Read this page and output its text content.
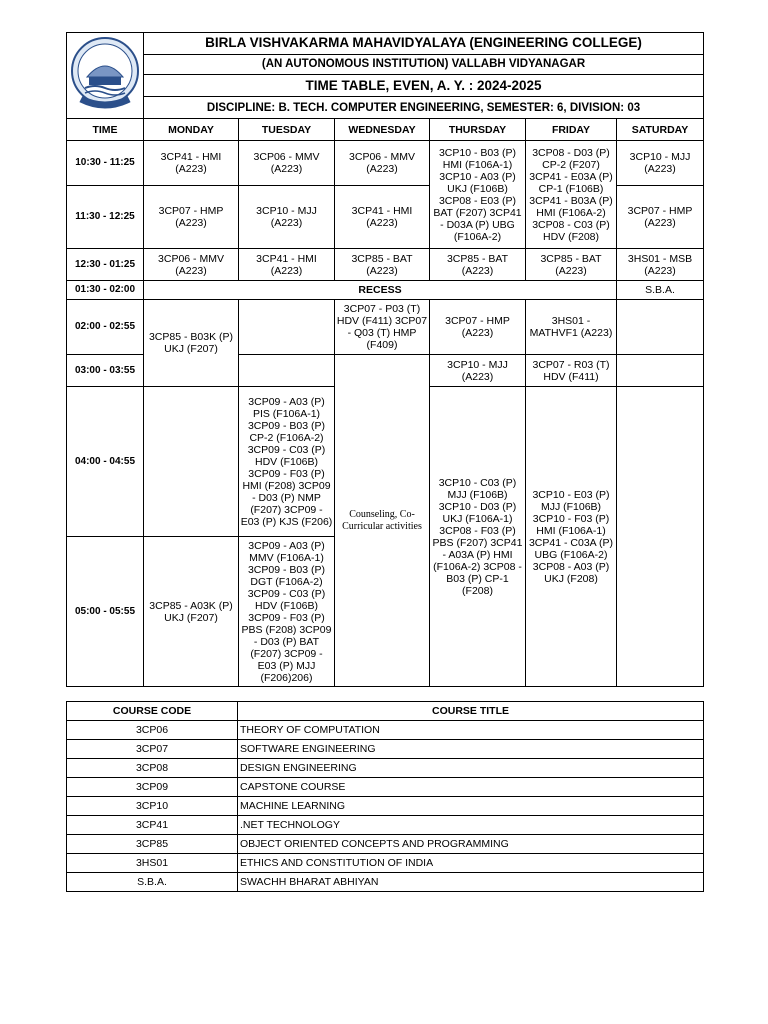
	BIRLA VISHVAKARMA MAHAVIDYALAYA (ENGINEERING COLLEGE)					
	(AN AUTONOMOUS INSTITUTION) VALLABH VIDYANAGAR					
	TIME TABLE, EVEN, A. Y. : 2024-2025					
	DISCIPLINE: B. TECH. COMPUTER ENGINEERING, SEMESTER: 6, DIVISION: 03					
TIME	MONDAY	TUESDAY	WEDNESDAY	THURSDAY	FRIDAY	SATURDAY
10:30 - 11:25	3CP41 - HMI (A223)	3CP06 - MMV (A223)	3CP06 - MMV (A223)	3CP10 - B03 (P) HMI (F106A-1) 3CP10 - A03 (P) UKJ (F106B) 3CP08 - E03 (P) BAT (F207) 3CP41 - D03A (P) UBG (F106A-2)	3CP08 - D03 (P) CP-2 (F207) 3CP41 - E03A (P) CP-1 (F106B) 3CP41 - B03A (P) HMI (F106A-2) 3CP08 - C03 (P) HDV (F208)	3CP10 - MJJ (A223)
11:30 - 12:25	3CP07 - HMP (A223)	3CP10 - MJJ (A223)	3CP41 - HMI (A223)			3CP07 - HMP (A223)
12:30 - 01:25	3CP06 - MMV (A223)	3CP41 - HMI (A223)	3CP85 - BAT (A223)	3CP85 - BAT (A223)	3CP85 - BAT (A223)	3HS01 - MSB (A223)
01:30 - 02:00	RECESS					S.B.A.
02:00 - 02:55	3CP85 - B03K (P) UKJ (F207)		3CP07 - P03 (T) HDV (F411) 3CP07 - Q03 (T) HMP (F409)	3CP07 - HMP (A223)	3HS01 - MATHVF1 (A223)	
03:00 - 03:55			Counseling, Co-Curricular activities	3CP10 - MJJ (A223)	3CP07 - R03 (T) HDV (F411)	
04:00 - 04:55		3CP09 - A03 (P) PIS (F106A-1) 3CP09 - B03 (P) CP-2 (F106A-2) 3CP09 - C03 (P) HDV (F106B) 3CP09 - F03 (P) HMI (F208) 3CP09 - D03 (P) NMP (F207) 3CP09 - E03 (P) KJS (F206)		3CP10 - C03 (P) MJJ (F106B) 3CP10 - D03 (P) UKJ (F106A-1) 3CP08 - F03 (P) PBS (F207) 3CP41 - A03A (P) HMI (F106A-2) 3CP08 - B03 (P) CP-1 (F208)	3CP10 - E03 (P) MJJ (F106B) 3CP10 - F03 (P) HMI (F106A-1) 3CP41 - C03A (P) UBG (F106A-2) 3CP08 - A03 (P) UKJ (F208)	
05:00 - 05:55	3CP85 - A03K (P) UKJ (F207)	3CP09 - A03 (P) MMV (F106A-1) 3CP09 - B03 (P) DGT (F106A-2) 3CP09 - C03 (P) HDV (F106B) 3CP09 - F03 (P) PBS (F208) 3CP09 - D03 (P) BAT (F207) 3CP09 - E03 (P) MJJ (F206)206)				
COURSE CODE	COURSE TITLE
3CP06	THEORY OF COMPUTATION
3CP07	SOFTWARE ENGINEERING
3CP08	DESIGN ENGINEERING
3CP09	CAPSTONE COURSE
3CP10	MACHINE LEARNING
3CP41	.NET TECHNOLOGY
3CP85	OBJECT ORIENTED CONCEPTS AND PROGRAMMING
3HS01	ETHICS AND CONSTITUTION OF INDIA
S.B.A.	SWACHH BHARAT ABHIYAN
